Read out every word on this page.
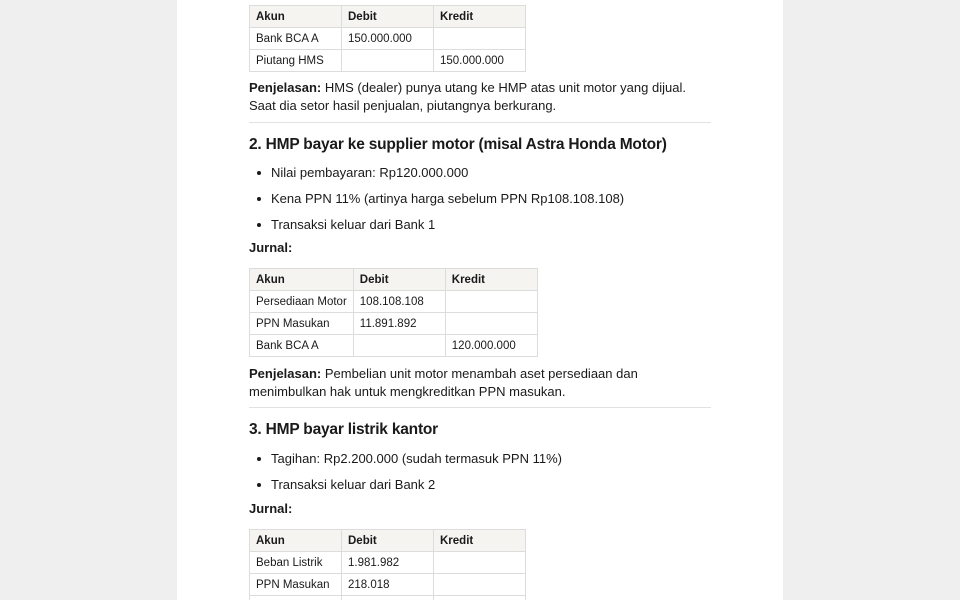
Akun	Debit	Kredit
Bank BCA A	150.000.000	
Piutang HMS		150.000.000

Penjelasan: HMS (dealer) punya utang ke HMP atas unit motor yang dijual.
Saat dia setor hasil penjualan, piutangnya berkurang.

2. HMP bayar ke supplier motor (misal Astra Honda Motor)
Nilai pembayaran: Rp120.000.000
Kena PPN 11% (artinya harga sebelum PPN Rp108.108.108)
Transaksi keluar dari Bank 1

Jurnal:

Akun	Debit	Kredit
Persediaan Motor	108.108.108	
PPN Masukan	11.891.892	
Bank BCA A		120.000.000

Penjelasan: Pembelian unit motor menambah aset persediaan dan
menimbulkan hak untuk mengkreditkan PPN masukan.

3. HMP bayar listrik kantor
Tagihan: Rp2.200.000 (sudah termasuk PPN 11%)
Transaksi keluar dari Bank 2

Jurnal:

Akun	Debit	Kredit
Beban Listrik	1.981.982	
PPN Masukan	218.018	
